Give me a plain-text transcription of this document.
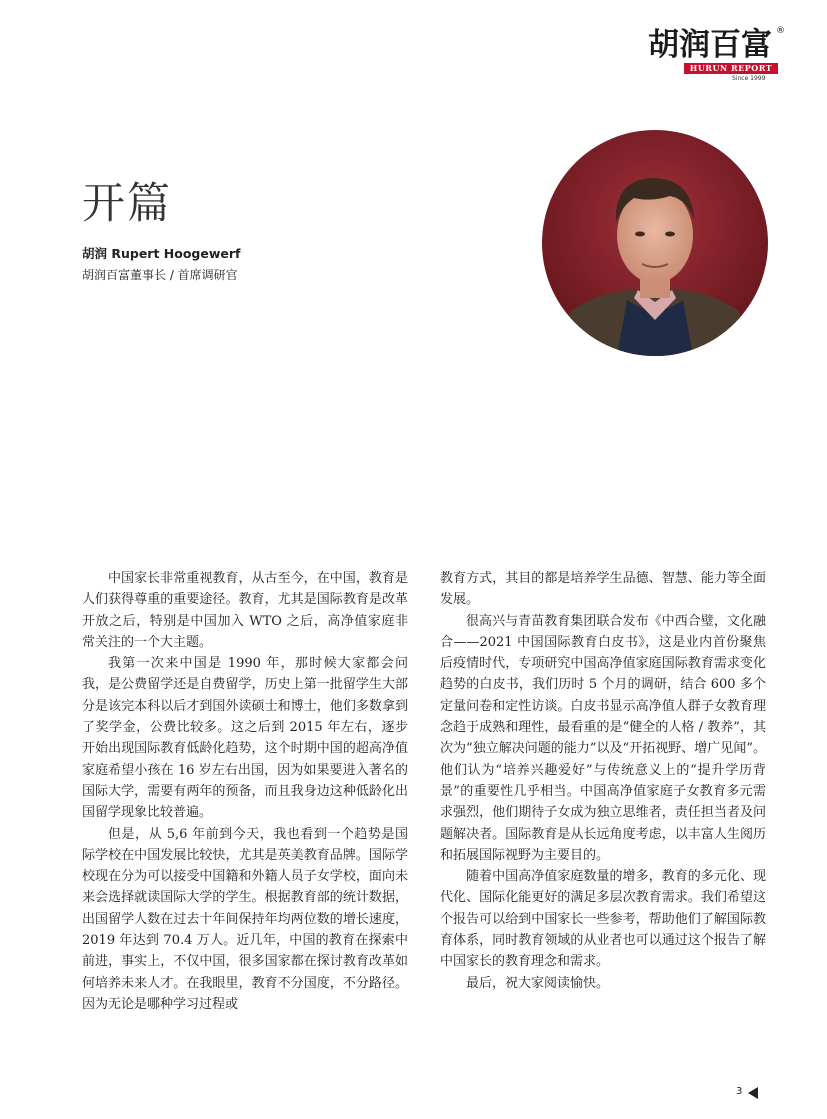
胡润百富 ®
HURUN REPORT
Since 1999
开篇
胡润 Rupert Hoogewerf
胡润百富董事长 / 首席调研官

中国家长非常重视教育，从古至今，在中国，教育是人们获得尊重的重要途径。教育，尤其是国际教育是改革开放之后，特别是中国加入 WTO 之后，高净值家庭非常关注的一个大主题。

我第一次来中国是 1990 年，那时候大家都会问我，是公费留学还是自费留学，历史上第一批留学生大部分是该完本科以后才到国外读硕士和博士，他们多数拿到了奖学金，公费比较多。这之后到 2015 年左右，逐步开始出现国际教育低龄化趋势，这个时期中国的超高净值家庭希望小孩在 16 岁左右出国，因为如果要进入著名的国际大学，需要有两年的预备，而且我身边这种低龄化出国留学现象比较普遍。

但是，从 5,6 年前到今天，我也看到一个趋势是国际学校在中国发展比较快，尤其是英美教育品牌。国际学校现在分为可以接受中国籍和外籍人员子女学校，面向未来会选择就读国际大学的学生。根据教育部的统计数据，出国留学人数在过去十年间保持年均两位数的增长速度，2019 年达到 70.4 万人。近几年，中国的教育在探索中前进，事实上，不仅中国，很多国家都在探讨教育改革如何培养未来人才。在我眼里，教育不分国度，不分路径。因为无论是哪种学习过程或

教育方式，其目的都是培养学生品德、智慧、能力等全面发展。

很高兴与青苗教育集团联合发布《中西合璧，文化融合——2021 中国国际教育白皮书》，这是业内首份聚焦后疫情时代，专项研究中国高净值家庭国际教育需求变化趋势的白皮书，我们历时 5 个月的调研，结合 600 多个定量问卷和定性访谈。白皮书显示高净值人群子女教育理念趋于成熟和理性，最看重的是“健全的人格 / 教养”，其次为“独立解决问题的能力”以及“开拓视野、增广见闻”。他们认为“培养兴趣爱好”与传统意义上的“提升学历背景”的重要性几乎相当。中国高净值家庭子女教育多元需求强烈，他们期待子女成为独立思维者，责任担当者及问题解决者。国际教育是从长远角度考虑，以丰富人生阅历和拓展国际视野为主要目的。

随着中国高净值家庭数量的增多，教育的多元化、现代化、国际化能更好的满足多层次教育需求。我们希望这个报告可以给到中国家长一些参考，帮助他们了解国际教育体系，同时教育领域的从业者也可以通过这个报告了解中国家长的教育理念和需求。

最后，祝大家阅读愉快。

3
